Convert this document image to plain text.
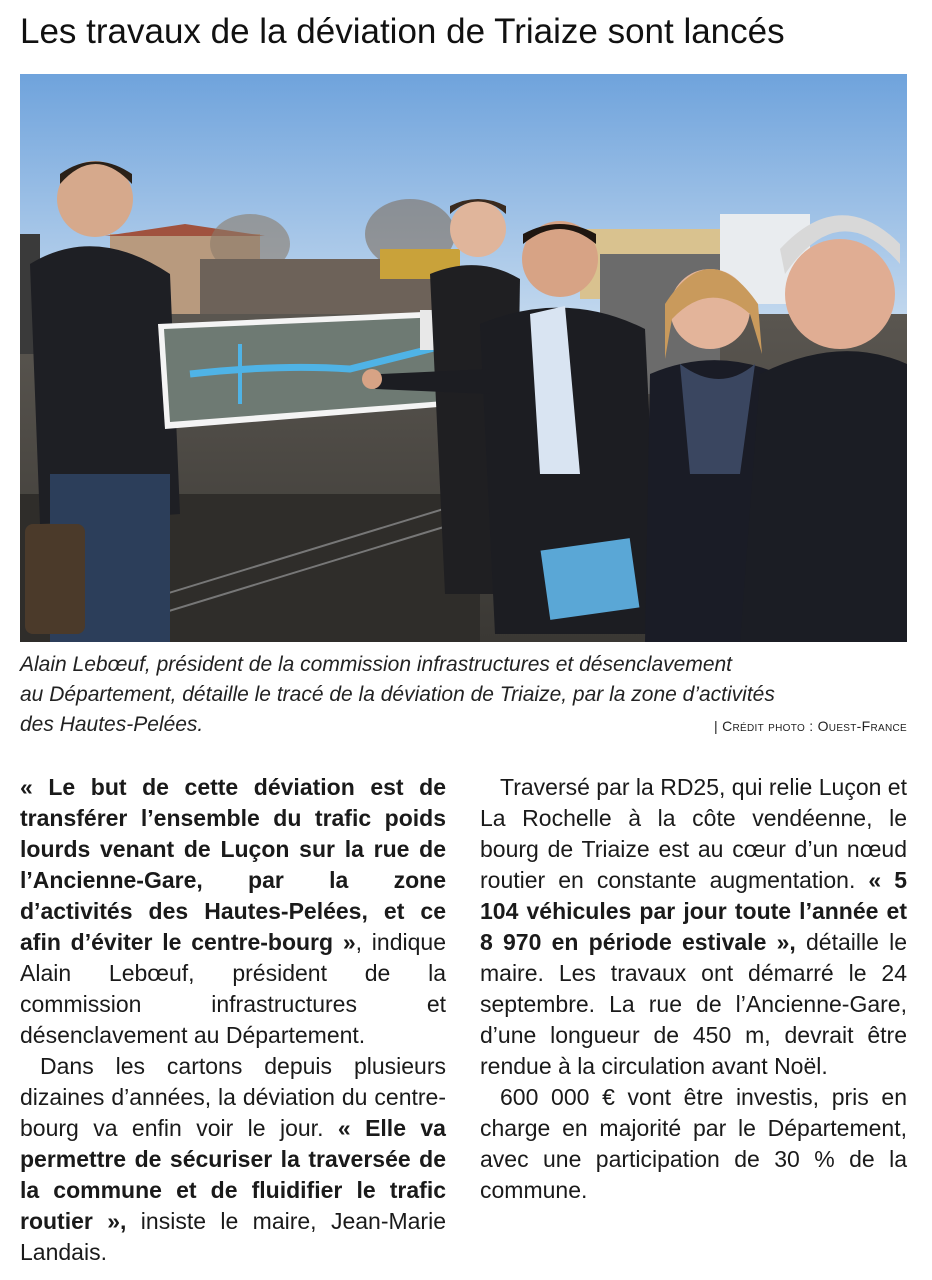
Les travaux de la déviation de Triaize sont lancés

Alain Lebœuf, président de la commission infrastructures et désenclavement
au Département, détaille le tracé de la déviation de Triaize, par la zone d’activités
des Hautes-Pelées.	| Crédit photo : Ouest-France

« Le but de cette déviation est de transférer l’ensemble du trafic poids lourds venant de Luçon sur la rue de l’Ancienne-Gare, par la zone d’activités des Hautes-Pelées, et ce afin d’éviter le centre-bourg », indique Alain Lebœuf, président de la commission infrastructures et désenclavement au Département.

Dans les cartons depuis plusieurs dizaines d’années, la déviation du centre-bourg va enfin voir le jour. « Elle va permettre de sécuriser la traversée de la commune et de fluidifier le trafic routier », insiste le maire, Jean-Marie Landais.

Traversé par la RD25, qui relie Luçon et La Rochelle à la côte vendéenne, le bourg de Triaize est au cœur d’un nœud routier en constante augmentation. « 5 104 véhicules par jour toute l’année et 8 970 en période estivale », détaille le maire. Les travaux ont démarré le 24 septembre. La rue de l’Ancienne-Gare, d’une longueur de 450 m, devrait être rendue à la circulation avant Noël.

600 000 € vont être investis, pris en charge en majorité par le Département, avec une participation de 30 % de la commune.
